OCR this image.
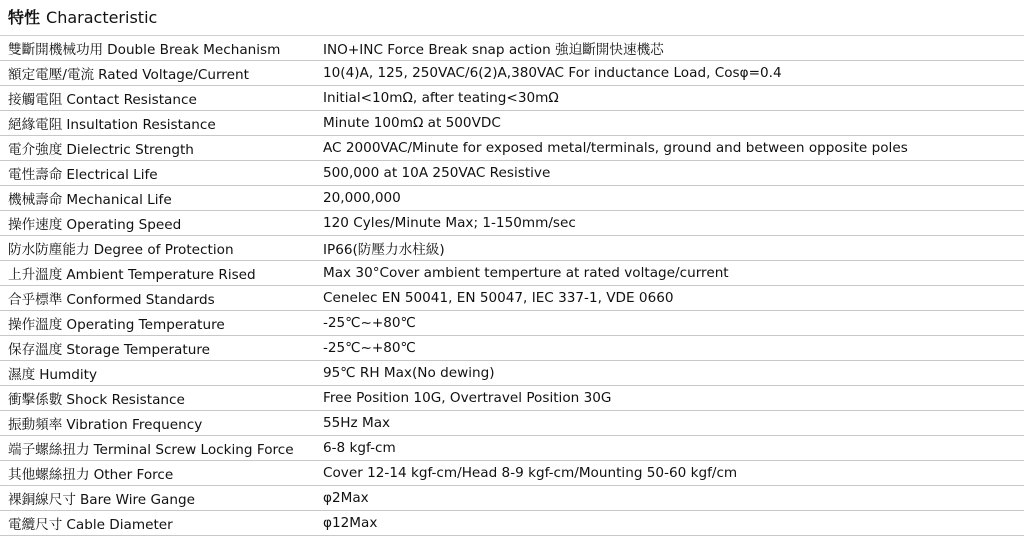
特性 Characteristic
雙斷開機械功用 Double Break Mechanism	INO+INC Force Break snap action 強迫斷開快速機芯
額定電壓/電流 Rated Voltage/Current	10(4)A, 125, 250VAC/6(2)A,380VAC For inductance Load, Cosφ=0.4
接觸電阻 Contact Resistance	Initial<10mΩ, after teating<30mΩ
絕緣電阻 Insultation Resistance	Minute 100mΩ at 500VDC
電介強度 Dielectric Strength	AC 2000VAC/Minute for exposed metal/terminals, ground and between opposite poles
電性壽命 Electrical Life	500,000 at 10A 250VAC Resistive
機械壽命 Mechanical Life	20,000,000
操作速度 Operating Speed	120 Cyles/Minute Max; 1-150mm/sec
防水防塵能力 Degree of Protection	IP66(防壓力水柱級)
上升溫度 Ambient Temperature Rised	Max 30°Cover ambient temperture at rated voltage/current
合乎標準 Conformed Standards	Cenelec EN 50041, EN 50047, IEC 337-1, VDE 0660
操作溫度 Operating Temperature	-25℃~+80℃
保存溫度 Storage Temperature	-25℃~+80℃
濕度 Humdity	95℃ RH Max(No dewing)
衝擊係數 Shock Resistance	Free Position 10G, Overtravel Position 30G
振動頻率 Vibration Frequency	55Hz Max
端子螺絲扭力 Terminal Screw Locking Force	6-8 kgf-cm
其他螺絲扭力 Other Force	Cover 12-14 kgf-cm/Head 8-9 kgf-cm/Mounting 50-60 kgf/cm
裸銅線尺寸 Bare Wire Gange	φ2Max
電纜尺寸 Cable Diameter	φ12Max
